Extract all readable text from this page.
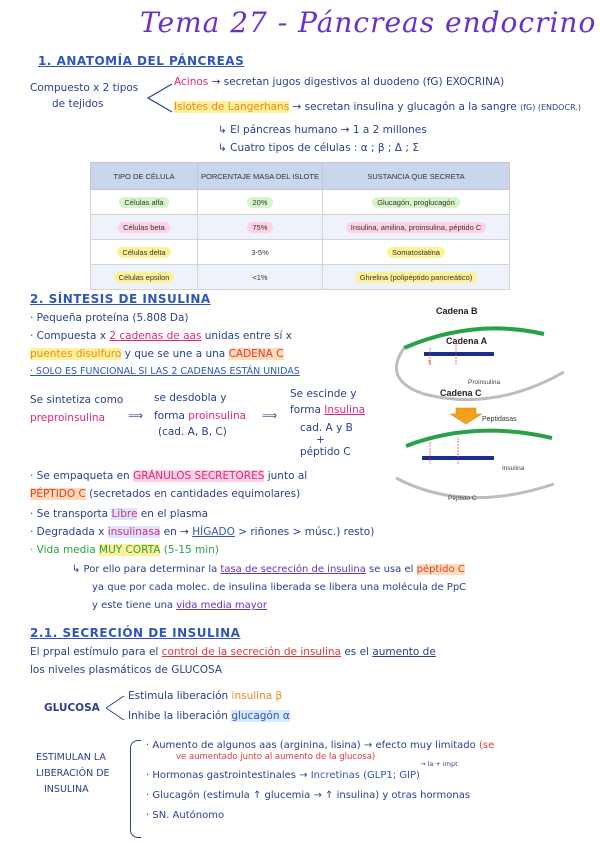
Tema 27 - Páncreas endocrino
1. ANATOMÍA DEL PÁNCREAS
Compuesto x 2 tipos
de tejidos
Acinos → secretan jugos digestivos al duodeno (fG) EXOCRINA)
Islotes de Langerhans → secretan insulina y glucagón a la sangre (fG) (ENDOCR.)
↳ El páncreas humano → 1 a 2 millones
↳ Cuatro tipos de células : α ; β ; Δ ; Σ
TIPO DE CÉLULA	PORCENTAJE MASA DEL ISLOTE	SUSTANCIA QUE SECRETA
Células alfa	20%	Glucagón, proglucagón
Células beta	75%	Insulina, amilina, proinsulina, péptido C
Células delta	3-5%	Somatostatina
Células epsilon	<1%	Ghrelina (polipéptido pancreático)
2. SÍNTESIS DE INSULINA
· Pequeña proteína (5.808 Da)
· Compuesta x 2 cadenas de aas unidas entre sí x
puentes disulfuro y que se une a una CADENA C
· SOLO ES FUNCIONAL SI LAS 2 CADENAS ESTÁN UNIDAS
Se sintetiza como
preproinsulina ⟹
se desdobla y
forma proinsulina
(cad. A, B, C)
⟹
Se escinde y
forma Insulina
cad. A y B
+
péptido C
Cadena B
Cadena A
S
Proinsulina
Cadena C
Peptidasas
Insulina
Péptido C
· Se empaqueta en GRÁNULOS SECRETORES junto al
PÉPTIDO C (secretados en cantidades equimolares)
· Se transporta Libre en el plasma
· Degradada x insulinasa en → HÍGADO > riñones > músc.) resto)
· Vida media MUY CORTA (5-15 min)
↳ Por ello para determinar la tasa de secreción de insulina se usa el péptido C
ya que por cada molec. de insulina liberada se libera una molécula de PpC
y este tiene una vida media mayor
2.1. SECRECIÓN DE INSULINA
El prpal estímulo para el control de la secreción de insulina es el aumento de
los niveles plasmáticos de GLUCOSA
GLUCOSA
Estimula liberación insulina β
Inhibe la liberación glucagón α
ESTIMULAN LA
LIBERACIÓN DE
INSULINA
· Aumento de algunos aas (arginina, lisina) → efecto muy limitado (se
ve aumentado junto al aumento de la glucosa)
→ la + impt
· Hormonas gastrointestinales → Incretinas (GLP1; GIP)
· Glucagón (estimula ↑ glucemia → ↑ insulina) y otras hormonas
· SN. Autónomo
